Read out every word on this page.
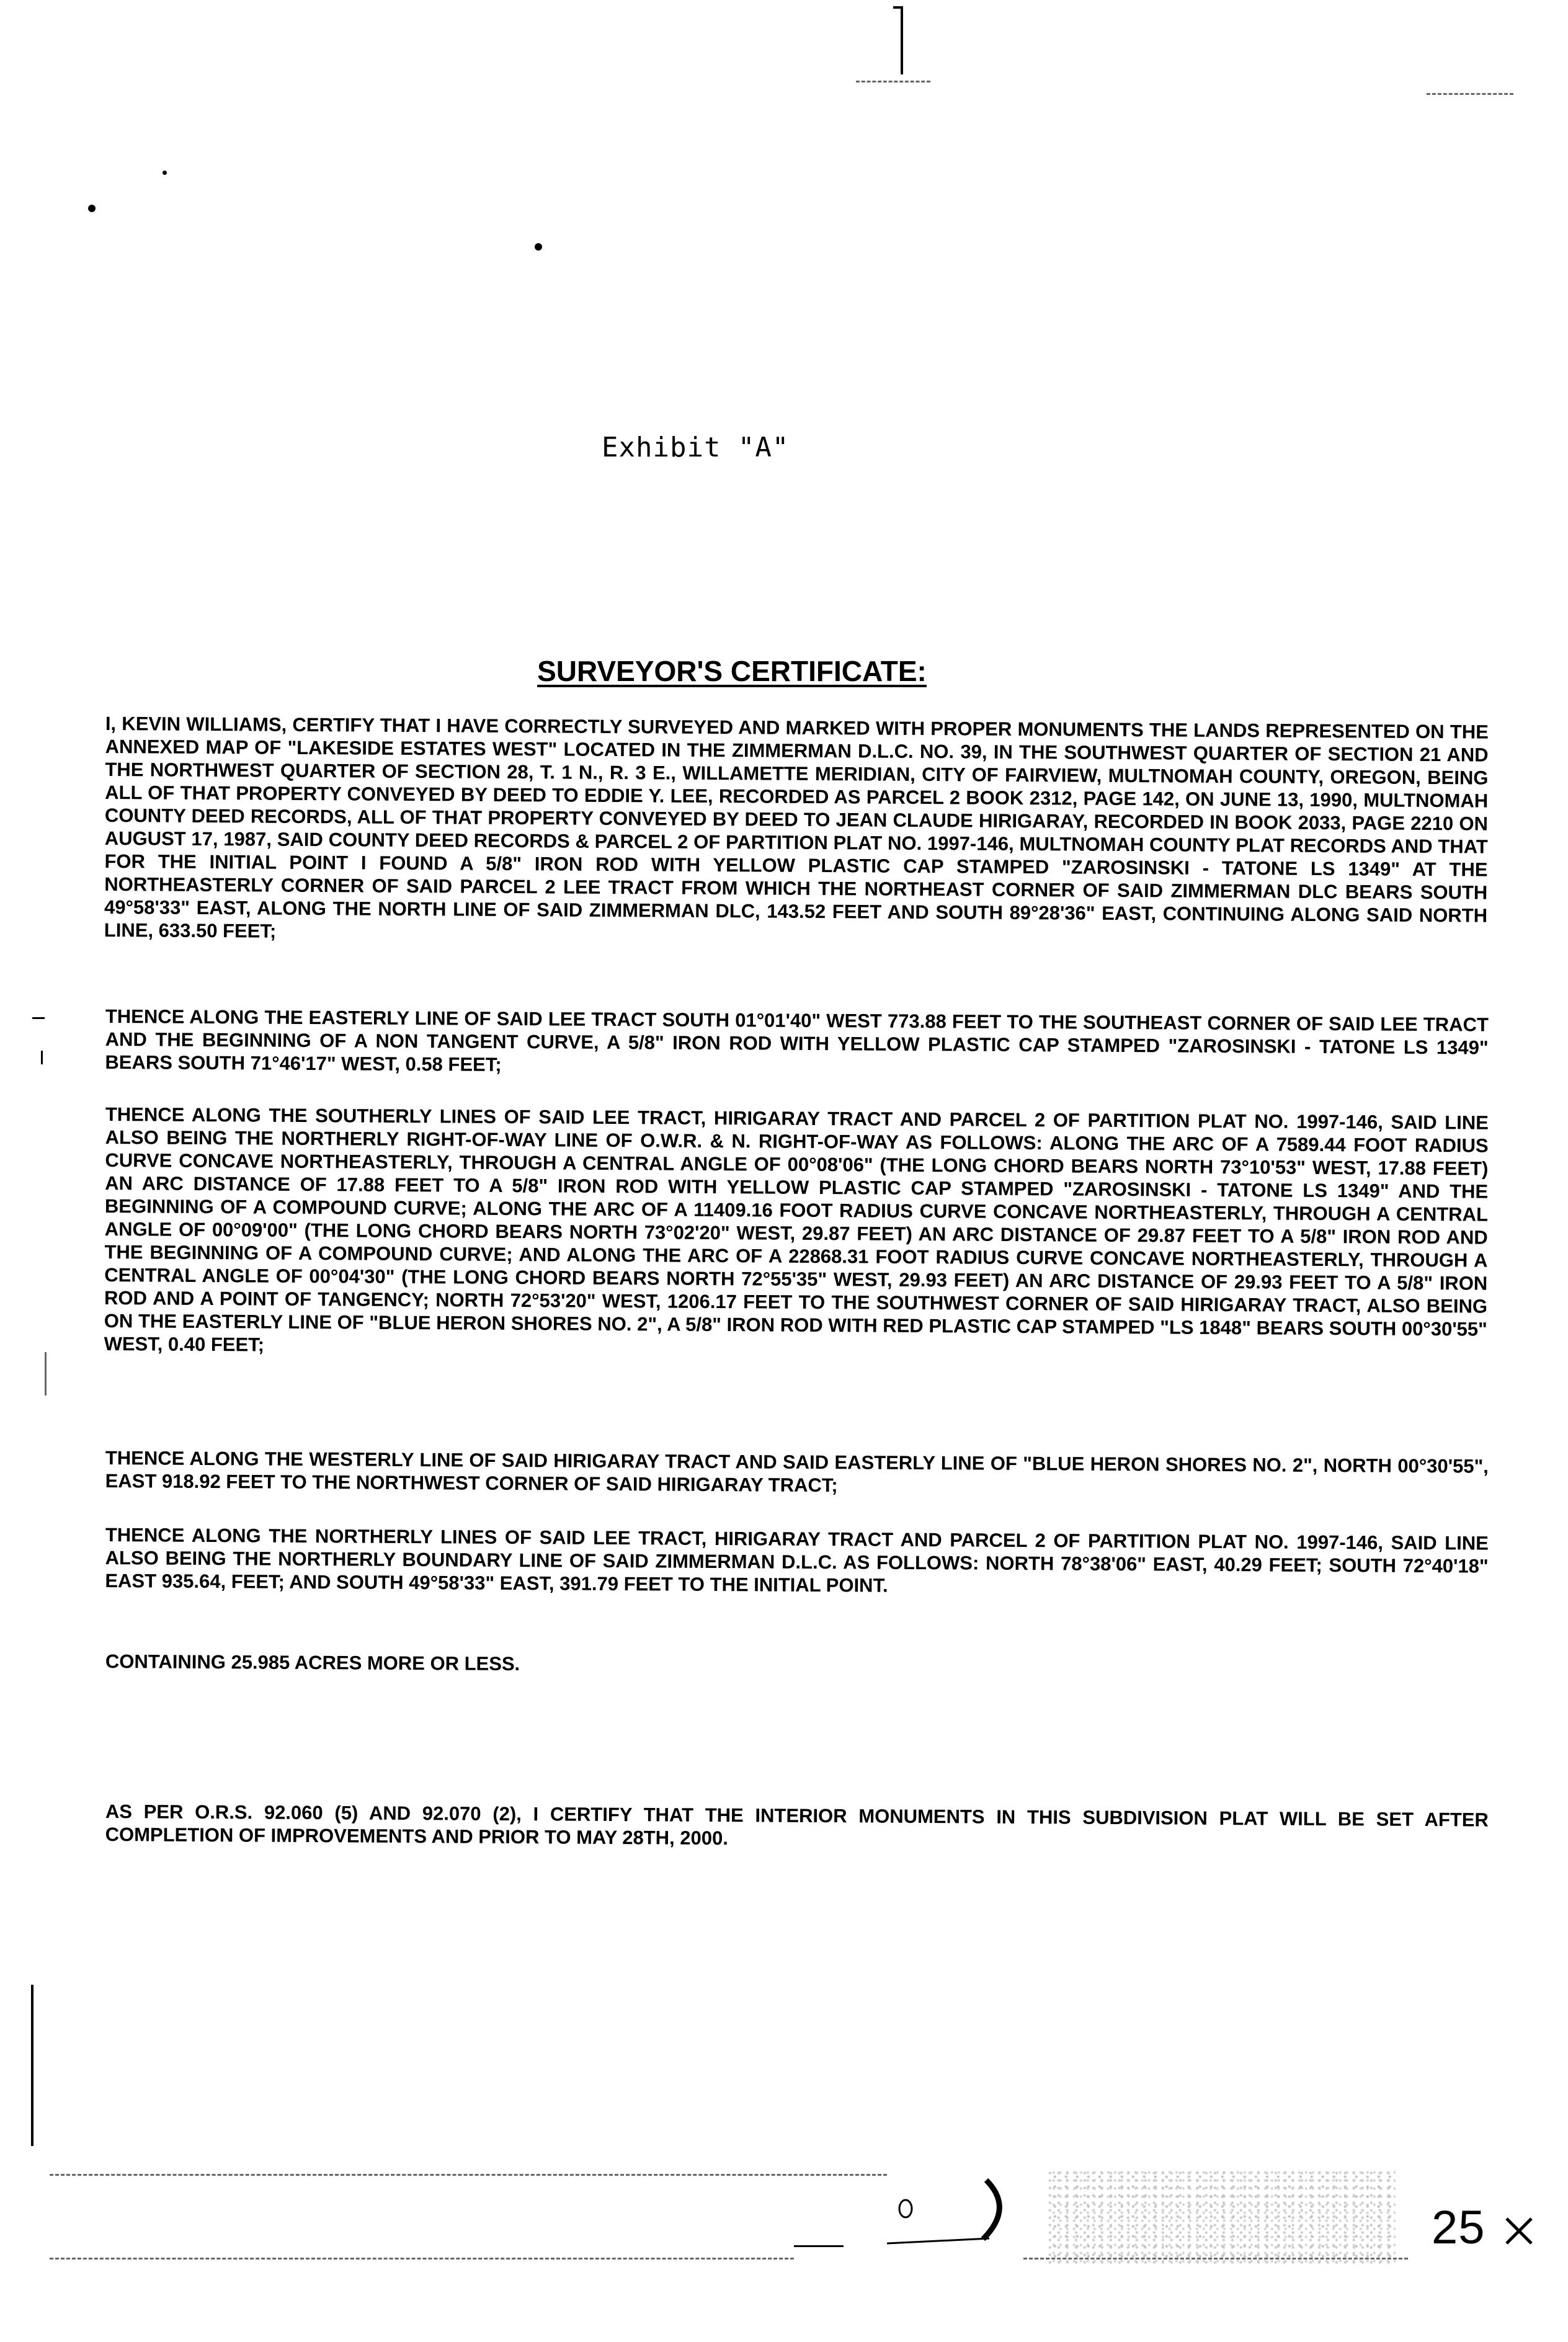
Exhibit "A"
SURVEYOR'S CERTIFICATE:
I, KEVIN WILLIAMS, CERTIFY THAT I HAVE CORRECTLY SURVEYED AND MARKED WITH PROPER MONUMENTS THE LANDS REPRESENTED ON THE ANNEXED MAP OF "LAKESIDE ESTATES WEST" LOCATED IN THE ZIMMERMAN D.L.C. NO. 39, IN THE SOUTHWEST QUARTER OF SECTION 21 AND THE NORTHWEST QUARTER OF SECTION 28, T. 1 N., R. 3 E., WILLAMETTE MERIDIAN, CITY OF FAIRVIEW, MULTNOMAH COUNTY, OREGON, BEING ALL OF THAT PROPERTY CONVEYED BY DEED TO EDDIE Y. LEE, RECORDED AS PARCEL 2 BOOK 2312, PAGE 142, ON JUNE 13, 1990, MULTNOMAH COUNTY DEED RECORDS, ALL OF THAT PROPERTY CONVEYED BY DEED TO JEAN CLAUDE HIRIGARAY, RECORDED IN BOOK 2033, PAGE 2210 ON AUGUST 17, 1987, SAID COUNTY DEED RECORDS & PARCEL 2 OF PARTITION PLAT NO. 1997-146, MULTNOMAH COUNTY PLAT RECORDS AND THAT FOR THE INITIAL POINT I FOUND A 5/8" IRON ROD WITH YELLOW PLASTIC CAP STAMPED "ZAROSINSKI - TATONE LS 1349" AT THE NORTHEASTERLY CORNER OF SAID PARCEL 2 LEE TRACT FROM WHICH THE NORTHEAST CORNER OF SAID ZIMMERMAN DLC BEARS SOUTH 49°58'33" EAST, ALONG THE NORTH LINE OF SAID ZIMMERMAN DLC, 143.52 FEET AND SOUTH 89°28'36" EAST, CONTINUING ALONG SAID NORTH LINE, 633.50 FEET;
THENCE ALONG THE EASTERLY LINE OF SAID LEE TRACT SOUTH 01°01'40" WEST 773.88 FEET TO THE SOUTHEAST CORNER OF SAID LEE TRACT AND THE BEGINNING OF A NON TANGENT CURVE, A 5/8" IRON ROD WITH YELLOW PLASTIC CAP STAMPED "ZAROSINSKI - TATONE LS 1349" BEARS SOUTH 71°46'17" WEST, 0.58 FEET;
THENCE ALONG THE SOUTHERLY LINES OF SAID LEE TRACT, HIRIGARAY TRACT AND PARCEL 2 OF PARTITION PLAT NO. 1997-146, SAID LINE ALSO BEING THE NORTHERLY RIGHT-OF-WAY LINE OF O.W.R. & N. RIGHT-OF-WAY AS FOLLOWS: ALONG THE ARC OF A 7589.44 FOOT RADIUS CURVE CONCAVE NORTHEASTERLY, THROUGH A CENTRAL ANGLE OF 00°08'06" (THE LONG CHORD BEARS NORTH 73°10'53" WEST, 17.88 FEET) AN ARC DISTANCE OF 17.88 FEET TO A 5/8" IRON ROD WITH YELLOW PLASTIC CAP STAMPED "ZAROSINSKI - TATONE LS 1349" AND THE BEGINNING OF A COMPOUND CURVE; ALONG THE ARC OF A 11409.16 FOOT RADIUS CURVE CONCAVE NORTHEASTERLY, THROUGH A CENTRAL ANGLE OF 00°09'00" (THE LONG CHORD BEARS NORTH 73°02'20" WEST, 29.87 FEET) AN ARC DISTANCE OF 29.87 FEET TO A 5/8" IRON ROD AND THE BEGINNING OF A COMPOUND CURVE; AND ALONG THE ARC OF A 22868.31 FOOT RADIUS CURVE CONCAVE NORTHEASTERLY, THROUGH A CENTRAL ANGLE OF 00°04'30" (THE LONG CHORD BEARS NORTH 72°55'35" WEST, 29.93 FEET) AN ARC DISTANCE OF 29.93 FEET TO A 5/8" IRON ROD AND A POINT OF TANGENCY; NORTH 72°53'20" WEST, 1206.17 FEET TO THE SOUTHWEST CORNER OF SAID HIRIGARAY TRACT, ALSO BEING ON THE EASTERLY LINE OF "BLUE HERON SHORES NO. 2", A 5/8" IRON ROD WITH RED PLASTIC CAP STAMPED "LS 1848" BEARS SOUTH 00°30'55" WEST, 0.40 FEET;
THENCE ALONG THE WESTERLY LINE OF SAID HIRIGARAY TRACT AND SAID EASTERLY LINE OF "BLUE HERON SHORES NO. 2", NORTH 00°30'55", EAST 918.92 FEET TO THE NORTHWEST CORNER OF SAID HIRIGARAY TRACT;
THENCE ALONG THE NORTHERLY LINES OF SAID LEE TRACT, HIRIGARAY TRACT AND PARCEL 2 OF PARTITION PLAT NO. 1997-146, SAID LINE ALSO BEING THE NORTHERLY BOUNDARY LINE OF SAID ZIMMERMAN D.L.C. AS FOLLOWS: NORTH 78°38'06" EAST, 40.29 FEET; SOUTH 72°40'18" EAST 935.64, FEET; AND SOUTH 49°58'33" EAST, 391.79 FEET TO THE INITIAL POINT.
CONTAINING 25.985 ACRES MORE OR LESS.
AS PER O.R.S. 92.060 (5) AND 92.070 (2), I CERTIFY THAT THE INTERIOR MONUMENTS IN THIS SUBDIVISION PLAT WILL BE SET AFTER COMPLETION OF IMPROVEMENTS AND PRIOR TO MAY 28TH, 2000.
25
